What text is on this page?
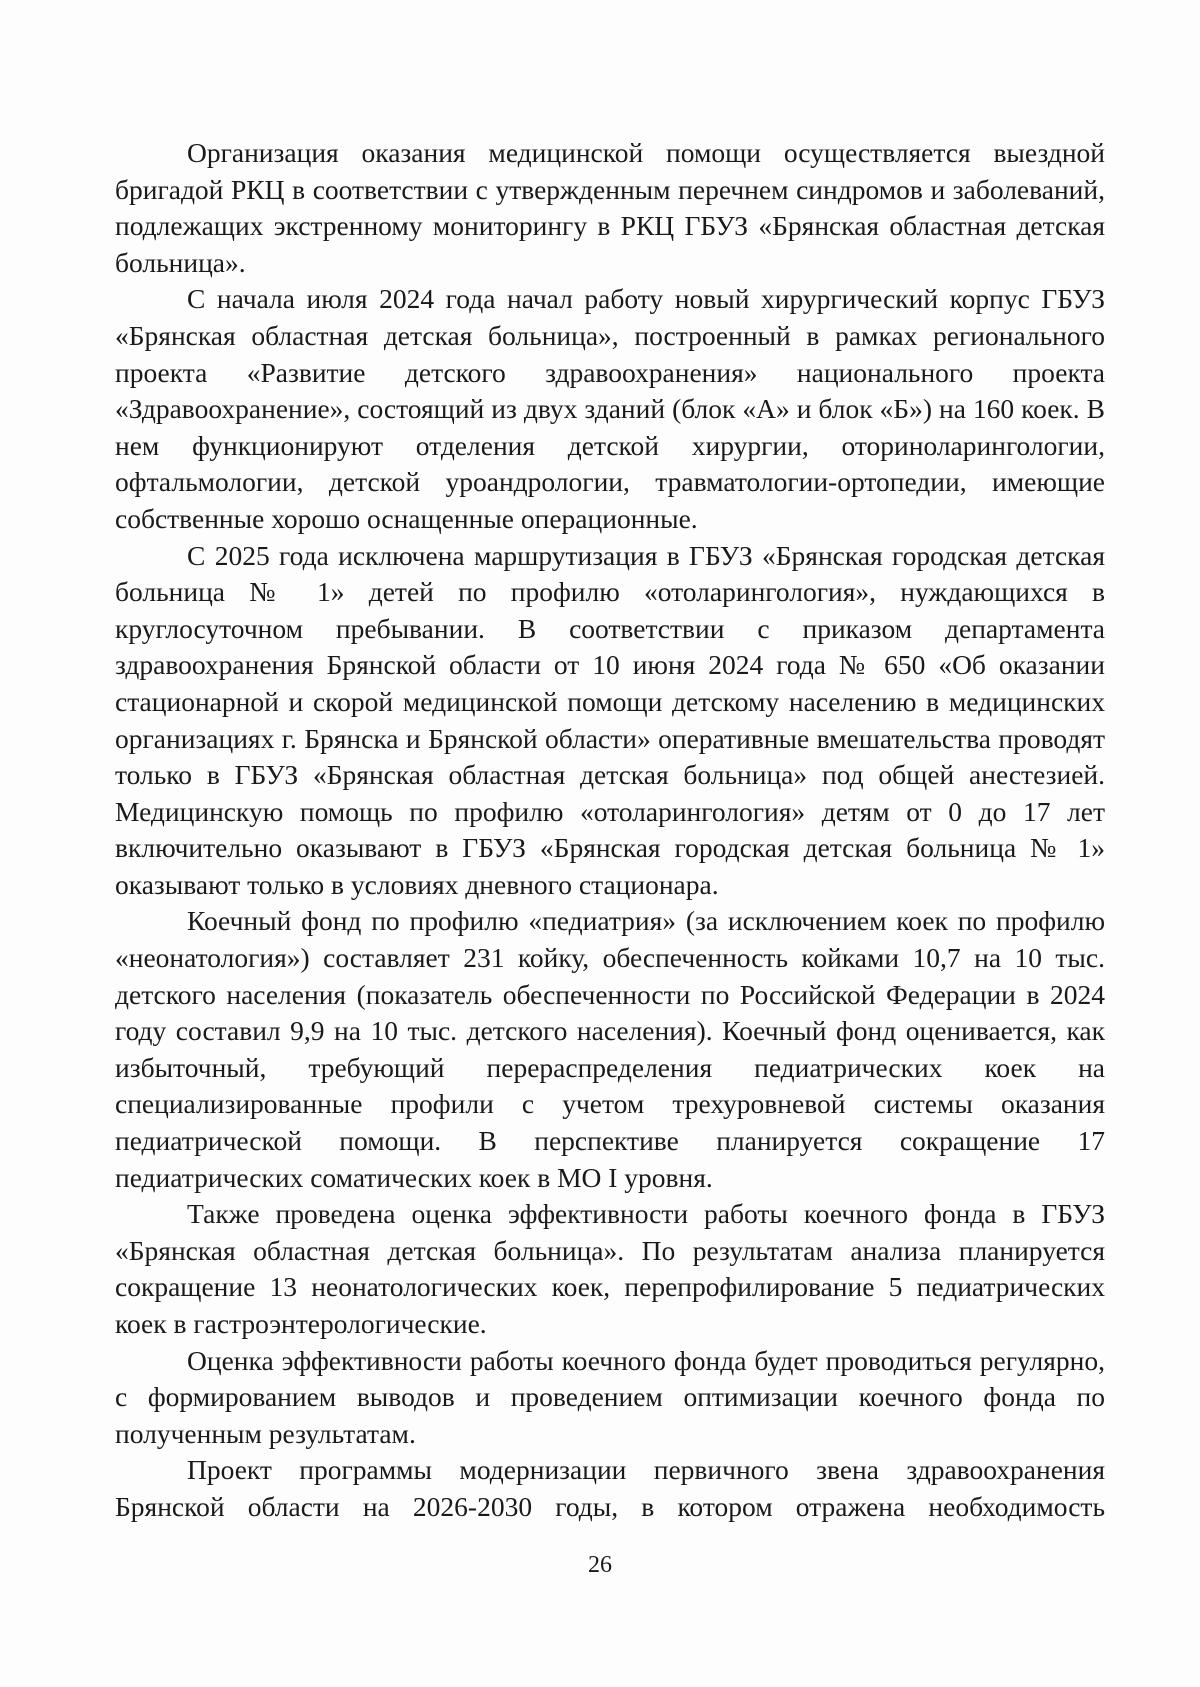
Организация оказания медицинской помощи осуществляется выездной бригадой РКЦ в соответствии с утвержденным перечнем синдромов и заболеваний, подлежащих экстренному мониторингу в РКЦ ГБУЗ «Брянская областная детская больница».

С начала июля 2024 года начал работу новый хирургический корпус ГБУЗ «Брянская областная детская больница», построенный в рамках регионального проекта «Развитие детского здравоохранения» национального проекта «Здравоохранение», состоящий из двух зданий (блок «А» и блок «Б») на 160 коек. В нем функционируют отделения детской хирургии, оториноларингологии, офтальмологии, детской уроандрологии, травматологии-ортопедии, имеющие собственные хорошо оснащенные операционные.

С 2025 года исключена маршрутизация в ГБУЗ «Брянская городская детская больница № 1» детей по профилю «отоларингология», нуждающихся в круглосуточном пребывании. В соответствии с приказом департамента здравоохранения Брянской области от 10 июня 2024 года № 650 «Об оказании стационарной и скорой медицинской помощи детскому населению в медицинских организациях г. Брянска и Брянской области» оперативные вмешательства проводят только в ГБУЗ «Брянская областная детская больница» под общей анестезией. Медицинскую помощь по профилю «отоларингология» детям от 0 до 17 лет включительно оказывают в ГБУЗ «Брянская городская детская больница № 1» оказывают только в условиях дневного стационара.

Коечный фонд по профилю «педиатрия» (за исключением коек по профилю «неонатология») составляет 231 койку, обеспеченность койками 10,7 на 10 тыс. детского населения (показатель обеспеченности по Российской Федерации в 2024 году составил 9,9 на 10 тыс. детского населения). Коечный фонд оценивается, как избыточный, требующий перераспределения педиатрических коек на специализированные профили с учетом трехуровневой системы оказания педиатрической помощи. В перспективе планируется сокращение 17 педиатрических соматических коек в МО I уровня.

Также проведена оценка эффективности работы коечного фонда в ГБУЗ «Брянская областная детская больница». По результатам анализа планируется сокращение 13 неонатологических коек, перепрофилирование 5 педиатрических коек в гастроэнтерологические.

Оценка эффективности работы коечного фонда будет проводиться регулярно, с формированием выводов и проведением оптимизации коечного фонда по полученным результатам.

Проект программы модернизации первичного звена здравоохранения Брянской области на 2026-2030 годы, в котором отражена необходимость

26
